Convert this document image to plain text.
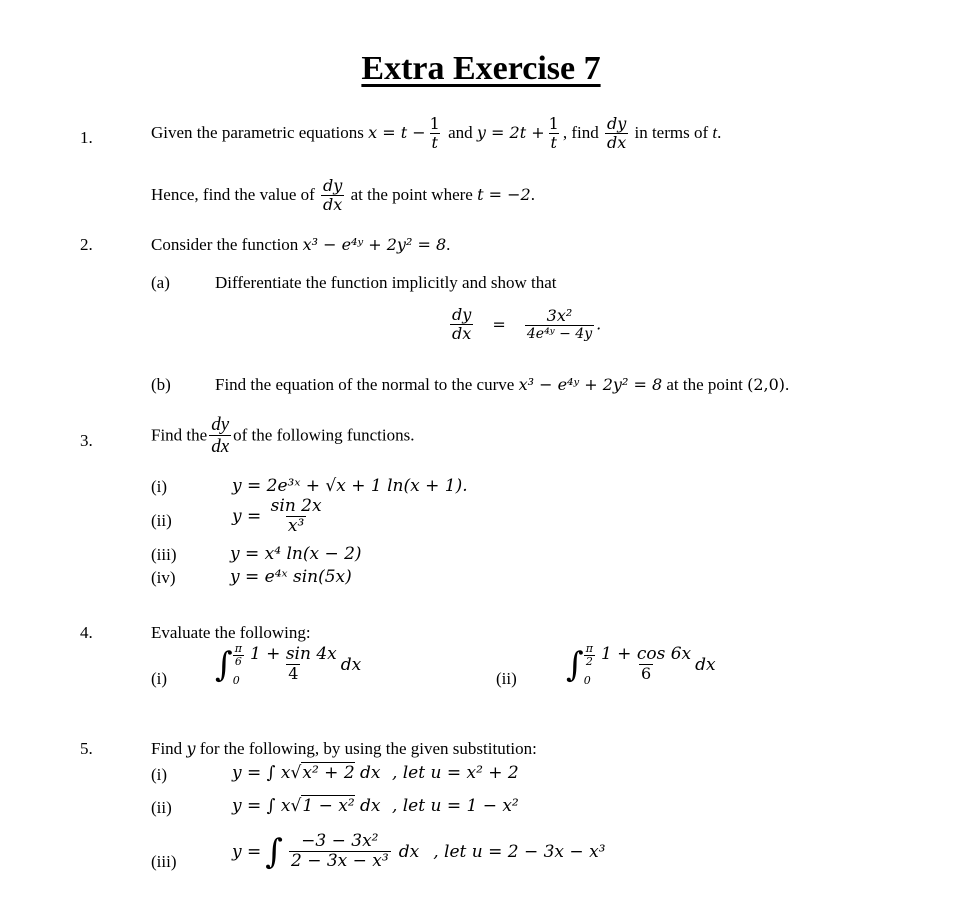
Extra Exercise 7
1.	Given the parametric equations $x = t - \frac{1}{t}$ and $y = 2t + \frac{1}{t}$ , find $\frac{dy}{dx}$ in terms of t.
Hence, find the value of $\frac{dy}{dx}$ at the point where t = −2.
2.	Consider the function x³ − e⁴ʸ + 2y² = 8.
(a)	Differentiate the function implicitly and show that
$\frac{dy}{dx} = \frac{\text{3x²}}{\text{4e⁴ʸ − 4y}}$ .
(b)	Find the equation of the normal to the curve x³ − e⁴ʸ + 2y² = 8 at the point (2,0).
3.	Find the $\frac{dy}{dx}$ of the following functions.
(i)	y = 2e³ˣ + √x + 1 ln(x + 1).
(ii)	$y = \frac{\sin 2x}{\text{x³}}$
(iii)	y = x⁴ ln(x − 2)
(iv)	y = e⁴ˣ sin(5x)
4.	Evaluate the following:
(i) ∫ $\frac{\pi}{6}$
$0 \frac{1 + \sin 4x}{4}$ dx
(ii) ∫ $\frac{\pi}{2}$
$0 \frac{1 + \cos 6x}{6}$ dx
5.	Find y for the following, by using the given substitution:
(i)	y = ∫ x√x² + 2 dx , let u = x² + 2
(ii)	y = ∫ x√1 − x² dx , let u = 1 − x²
(iii)	y = ∫ $\frac{\text{−3 − 3x²}}{\text{2 − 3x − x³}}$ dx , let u = 2 − 3x − x³
